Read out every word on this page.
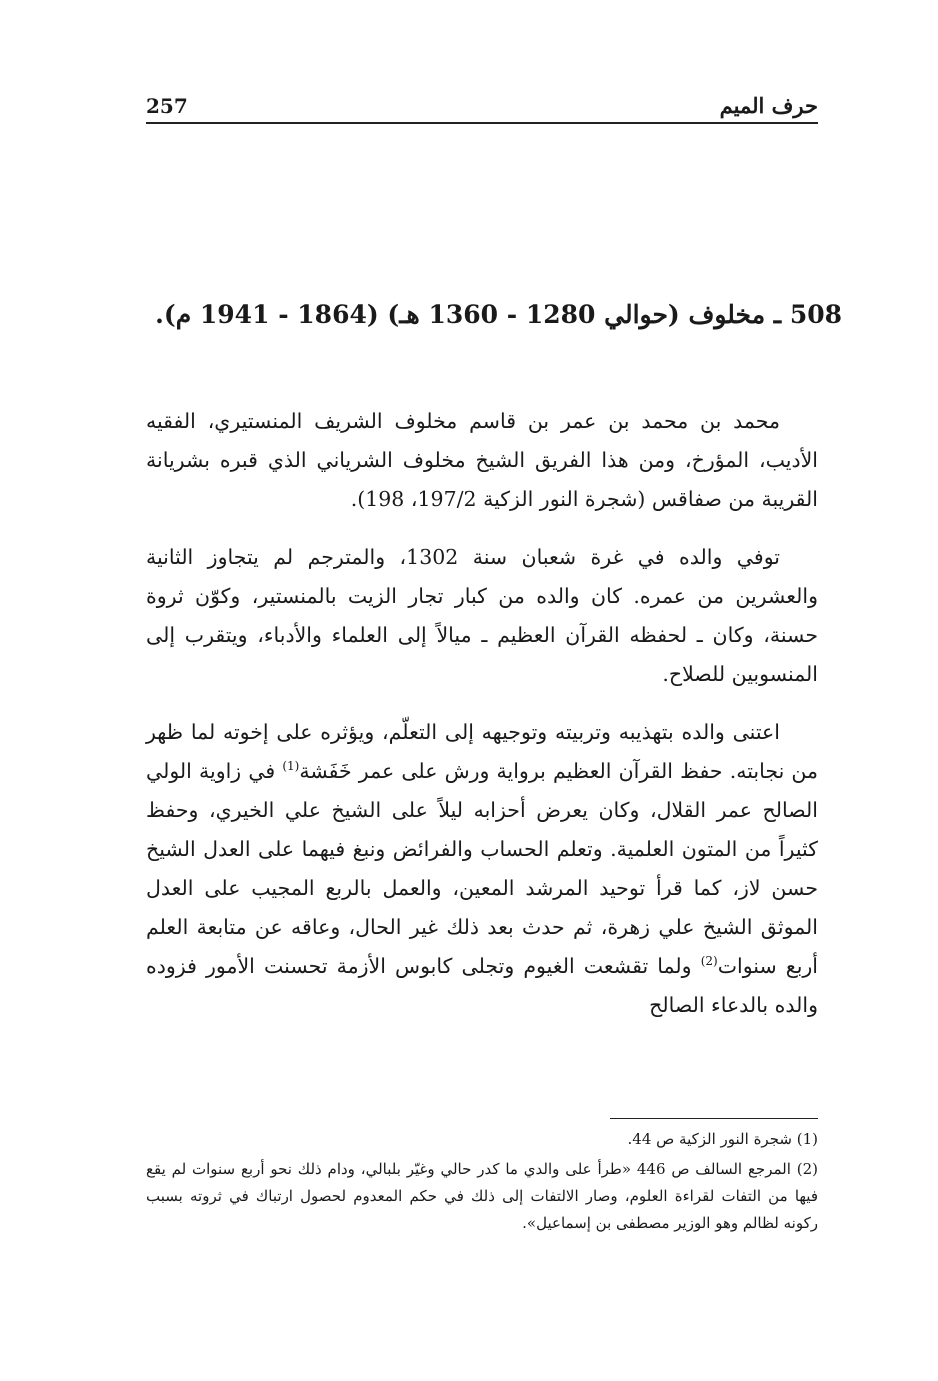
257	حرف الميم
508 ـ مخلوف (حوالي 1280 - 1360 هـ) (1864 - 1941 م).

محمد بن محمد بن عمر بن قاسم مخلوف الشريف المنستيري، الفقيه الأديب، المؤرخ، ومن هذا الفريق الشيخ مخلوف الشرياني الذي قبره بشريانة القريبة من صفاقس (شجرة النور الزكية 197/2، 198).

توفي والده في غرة شعبان سنة 1302، والمترجم لم يتجاوز الثانية والعشرين من عمره. كان والده من كبار تجار الزيت بالمنستير، وكوّن ثروة حسنة، وكان ـ لحفظه القرآن العظيم ـ ميالاً إلى العلماء والأدباء، ويتقرب إلى المنسوبين للصلاح.

اعتنى والده بتهذيبه وتربيته وتوجيهه إلى التعلّم، ويؤثره على إخوته لما ظهر من نجابته. حفظ القرآن العظيم برواية ورش على عمر خَفَشة$^{(1)}$ في زاوية الولي الصالح عمر القلال، وكان يعرض أحزابه ليلاً على الشيخ علي الخيري، وحفظ كثيراً من المتون العلمية. وتعلم الحساب والفرائض ونبغ فيهما على العدل الشيخ حسن لاز، كما قرأ توحيد المرشد المعين، والعمل بالربع المجيب على العدل الموثق الشيخ علي زهرة، ثم حدث بعد ذلك غير الحال، وعاقه عن متابعة العلم أربع سنوات$^{(2)}$ ولما تقشعت الغيوم وتجلى كابوس الأزمة تحسنت الأمور فزوده والده بالدعاء الصالح

(1) شجرة النور الزكية ص 44.

(2) المرجع السالف ص 446 «طرأ على والدي ما كدر حالي وغيّر بلبالي، ودام ذلك نحو أربع سنوات لم يقع فيها من التفات لقراءة العلوم، وصار الالتفات إلى ذلك في حكم المعدوم لحصول ارتباك في ثروته بسبب ركونه لظالم وهو الوزير مصطفى بن إسماعيل».
